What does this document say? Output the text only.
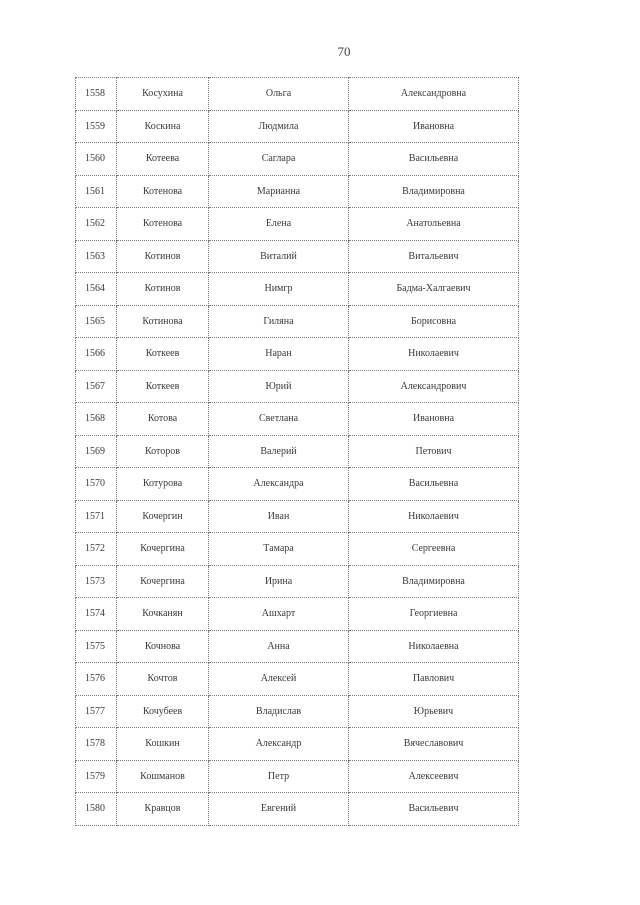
70
1558	Косухина	Ольга	Александровна
1559	Коскина	Людмила	Ивановна
1560	Котеева	Саглара	Васильевна
1561	Котенова	Марианна	Владимировна
1562	Котенова	Елена	Анатольевна
1563	Котинов	Виталий	Витальевич
1564	Котинов	Нимгр	Бадма-Халгаевич
1565	Котинова	Гиляна	Борисовна
1566	Коткеев	Наран	Николаевич
1567	Коткеев	Юрий	Александрович
1568	Котова	Светлана	Ивановна
1569	Которов	Валерий	Петович
1570	Котурова	Александра	Васильевна
1571	Кочергин	Иван	Николаевич
1572	Кочергина	Тамара	Сергеевна
1573	Кочергина	Ирина	Владимировна
1574	Кочканян	Ашхарт	Георгиевна
1575	Кочнова	Анна	Николаевна
1576	Кочтов	Алексей	Павлович
1577	Кочубеев	Владислав	Юрьевич
1578	Кошкин	Александр	Вячеславович
1579	Кошманов	Петр	Алексеевич
1580	Кравцов	Евгений	Васильевич
